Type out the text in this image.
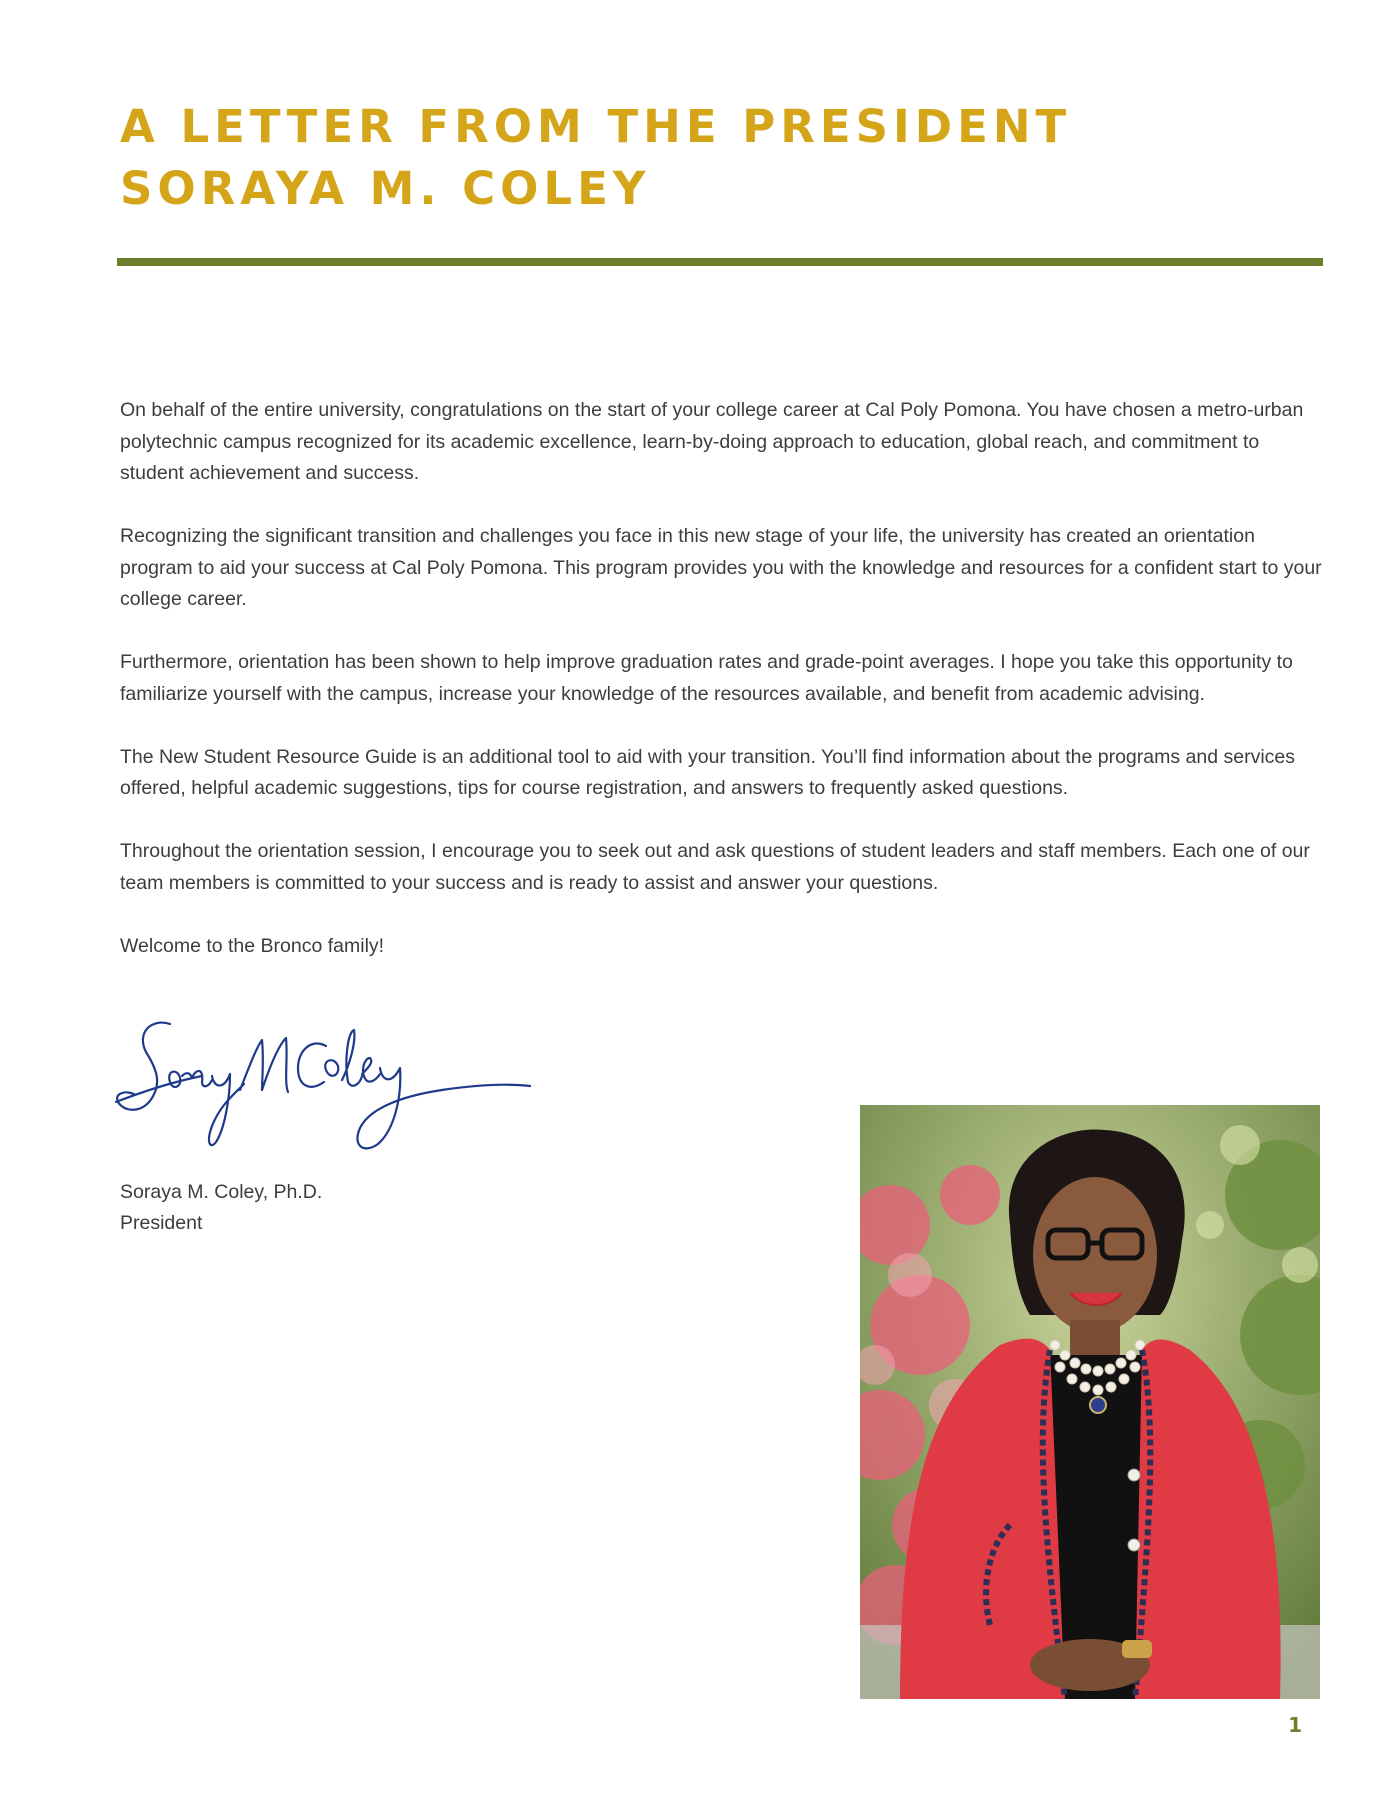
A LETTER FROM THE PRESIDENT
SORAYA M. COLEY

On behalf of the entire university, congratulations on the start of your college career at Cal Poly Pomona. You have chosen a metro-urban polytechnic campus recognized for its academic excellence, learn-by-doing approach to education, global reach, and commitment to student achievement and success.

Recognizing the significant transition and challenges you face in this new stage of your life, the university has created an orientation program to aid your success at Cal Poly Pomona. This program provides you with the knowledge and resources for a confident start to your college career.

Furthermore, orientation has been shown to help improve graduation rates and grade-point averages. I hope you take this opportunity to familiarize yourself with the campus, increase your knowledge of the resources available, and benefit from academic advising.

The New Student Resource Guide is an additional tool to aid with your transition. You’ll find information about the programs and services offered, helpful academic suggestions, tips for course registration, and answers to frequently asked questions.

Throughout the orientation session, I encourage you to seek out and ask questions of student leaders and staff members. Each one of our team members is committed to your success and is ready to assist and answer your questions.

Welcome to the Bronco family!

Soraya M. Coley, Ph.D.
President
1
